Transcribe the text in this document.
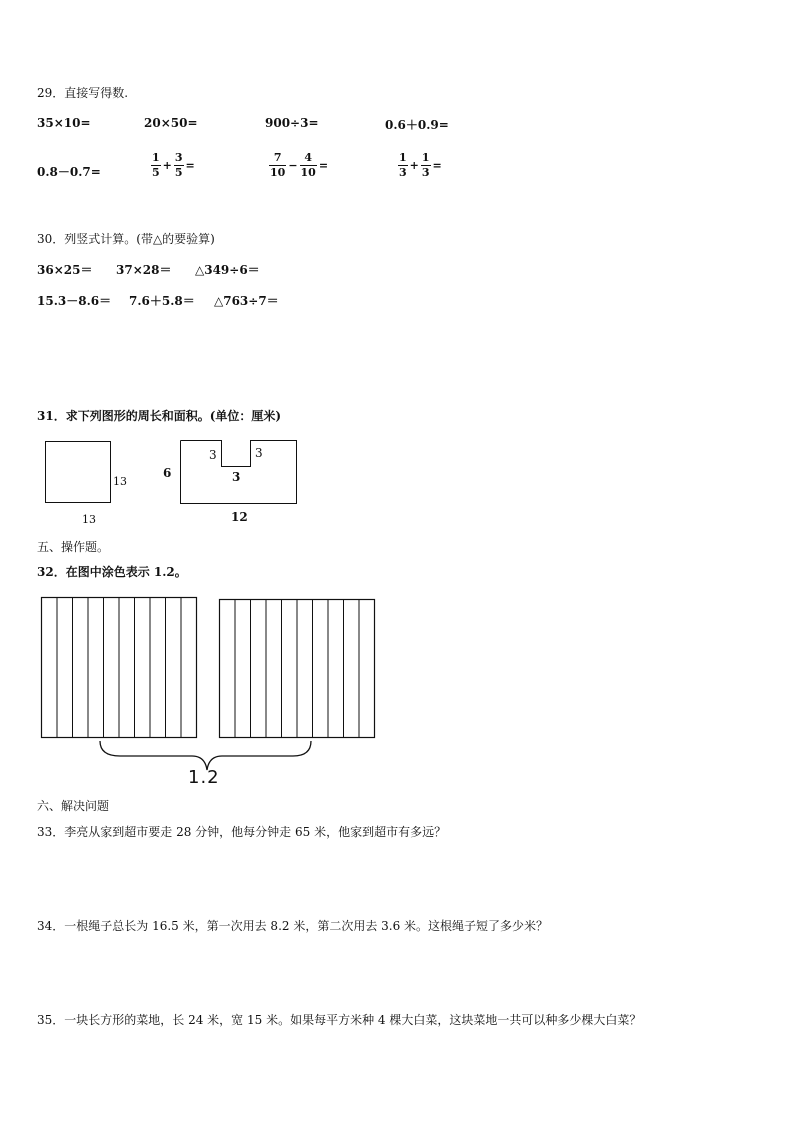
29．直接写得数.
35×10=	20×50=	900÷3=	0.6＋0.9=
0.8－0.7=	$\frac{1}{5} + \frac{3}{5}$ =	$\frac{7}{10} - \frac{4}{10}$ =	$\frac{1}{3} + \frac{1}{3}$ =
30．列竖式计算。(带△的要验算)
36×25＝ 37×28＝ △349÷6＝
15.3－8.6＝ 7.6＋5.8＝ △763÷7＝
31．求下列图形的周长和面积。(单位：厘米)
13
13
6
3	3
3
12
五、操作题。
32．在图中涂色表示 1.2。
1.2
六、解决问题
33．李亮从家到超市要走 28 分钟，他每分钟走 65 米，他家到超市有多远？
34．一根绳子总长为 16.5 米，第一次用去 8.2 米，第二次用去 3.6 米。这根绳子短了多少米？
35．一块长方形的菜地，长 24 米，宽 15 米。如果每平方米种 4 棵大白菜，这块菜地一共可以种多少棵大白菜？
